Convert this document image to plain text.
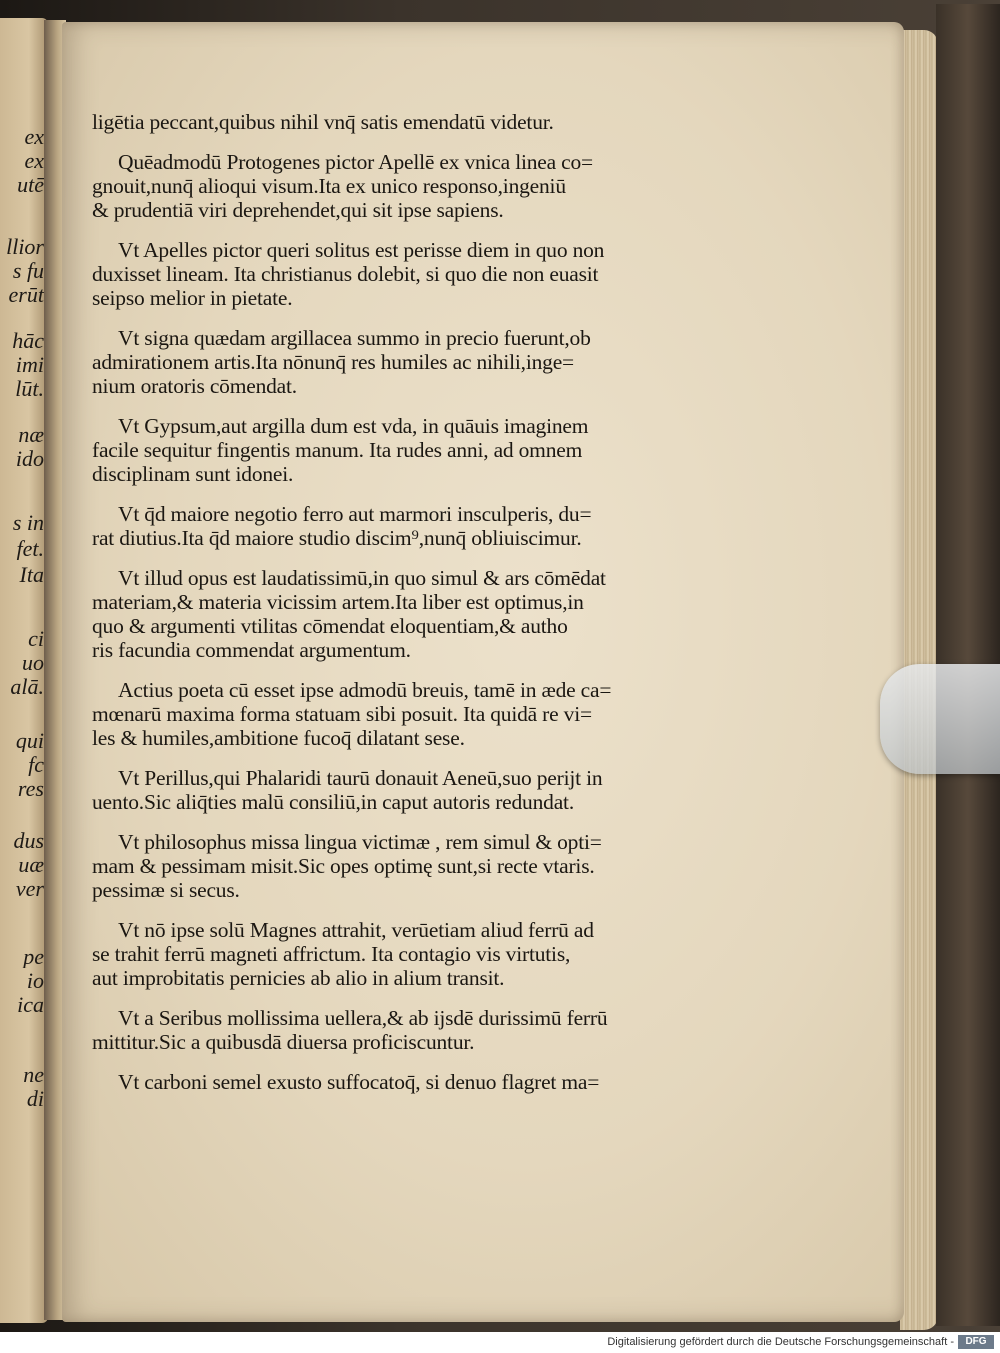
ex
ex
utē
llior
s fu
erūt
hāc
imi
lūt.
næ
ido
s in
fet.
Ita
ci
uo
alā.
qui
fc
res
dus
uæ
ver
pe
io
ica
ne
di
ligētia peccant,quibus nihil vnq̄ satis emendatū videtur.
Quēadmodū Protogenes pictor Apellē ex vnica linea co=
gnouit,nunq̄ alioqui visum.Ita ex unico responso,ingeniū
& prudentiā viri deprehendet,qui sit ipse sapiens.
Vt Apelles pictor queri solitus est perisse diem in quo non
duxisset lineam. Ita christianus dolebit, si quo die non euasit
seipso melior in pietate.
Vt signa quædam argillacea summo in precio fuerunt,ob
admirationem artis.Ita nōnunq̄ res humiles ac nihili,inge=
nium oratoris cōmendat.
Vt Gypsum,aut argilla dum est vda, in quāuis imaginem
facile sequitur fingentis manum. Ita rudes anni, ad omnem
disciplinam sunt idonei.
Vt q̄d maiore negotio ferro aut marmori insculperis, du=
rat diutius.Ita q̄d maiore studio discim⁹,nunq̄ obliuiscimur.
Vt illud opus est laudatissimū,in quo simul & ars cōmēdat
materiam,& materia vicissim artem.Ita liber est optimus,in
quo & argumenti vtilitas cōmendat eloquentiam,& autho
ris facundia commendat argumentum.
Actius poeta cū esset ipse admodū breuis, tamē in æde ca=
mœnarū maxima forma statuam sibi posuit. Ita quidā re vi=
les & humiles,ambitione fucoq̄ dilatant sese.
Vt Perillus,qui Phalaridi taurū donauit Aeneū,suo perijt in
uento.Sic aliq̄ties malū consiliū,in caput autoris redundat.
Vt philosophus missa lingua victimæ , rem simul & opti=
mam & pessimam misit.Sic opes optimę sunt,si recte vtaris.
pessimæ si secus.
Vt nō ipse solū Magnes attrahit, verūetiam aliud ferrū ad
se trahit ferrū magneti affrictum. Ita contagio vis virtutis,
aut improbitatis pernicies ab alio in alium transit.
Vt a Seribus mollissima uellera,& ab ijsdē durissimū ferrū
mittitur.Sic a quibusdā diuersa proficiscuntur.
Vt carboni semel exusto suffocatoq̄, si denuo flagret ma=
Digitalisierung gefördert durch die Deutsche Forschungsgemeinschaft -	DFG
